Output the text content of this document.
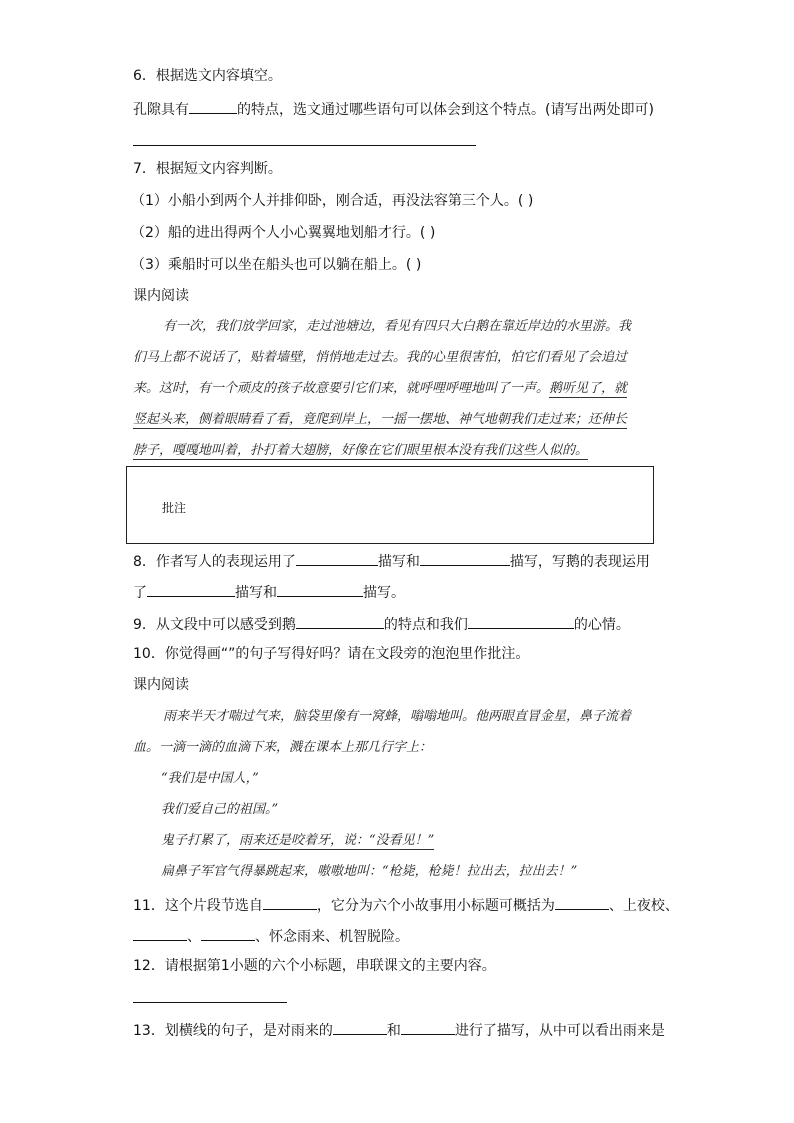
6．根据选文内容填空。
孔隙具有	的特点，选文通过哪些语句可以体会到这个特点。(请写出两处即可)
7．根据短文内容判断。
（1）小船小到两个人并排仰卧，刚合适，再没法容第三个人。( )
（2）船的进出得两个人小心翼翼地划船才行。( )
（3）乘船时可以坐在船头也可以躺在船上。( )
课内阅读
有一次，我们放学回家，走过池塘边，看见有四只大白鹅在靠近岸边的水里游。我
们马上都不说话了，贴着墙壁，悄悄地走过去。我的心里很害怕，怕它们看见了会追过
来。这时，有一个顽皮的孩子故意要引它们来，就呼哩呼哩地叫了一声。鹅听见了，就
竖起头来，侧着眼睛看了看，竟爬到岸上，一摇一摆地、神气地朝我们走过来；还伸长
脖子，嘎嘎地叫着，扑打着大翅膀，好像在它们眼里根本没有我们这些人似的。
批注
8．作者写人的表现运用了	描写和	描写，写鹅的表现运用
了	描写和	描写。
9．从文段中可以感受到鹅	的特点和我们	的心情。
10．你觉得画“”的句子写得好吗？请在文段旁的泡泡里作批注。
课内阅读
雨来半天才喘过气来，脑袋里像有一窝蜂，嗡嗡地叫。他两眼直冒金星，鼻子流着
血。一滴一滴的血滴下来，溅在课本上那几行字上：
“我们是中国人，”
我们爱自己的祖国。”
鬼子打累了，雨来还是咬着牙，说：“没看见！”
扁鼻子军官气得暴跳起来，嗷嗷地叫：“枪毙，枪毙！拉出去，拉出去！”
11．这个片段节选自	，它分为六个小故事用小标题可概括为	、上夜校、
、	、怀念雨来、机智脱险。
12．请根据第1小题的六个小标题，串联课文的主要内容。
13．划横线的句子，是对雨来的	和	进行了描写，从中可以看出雨来是
